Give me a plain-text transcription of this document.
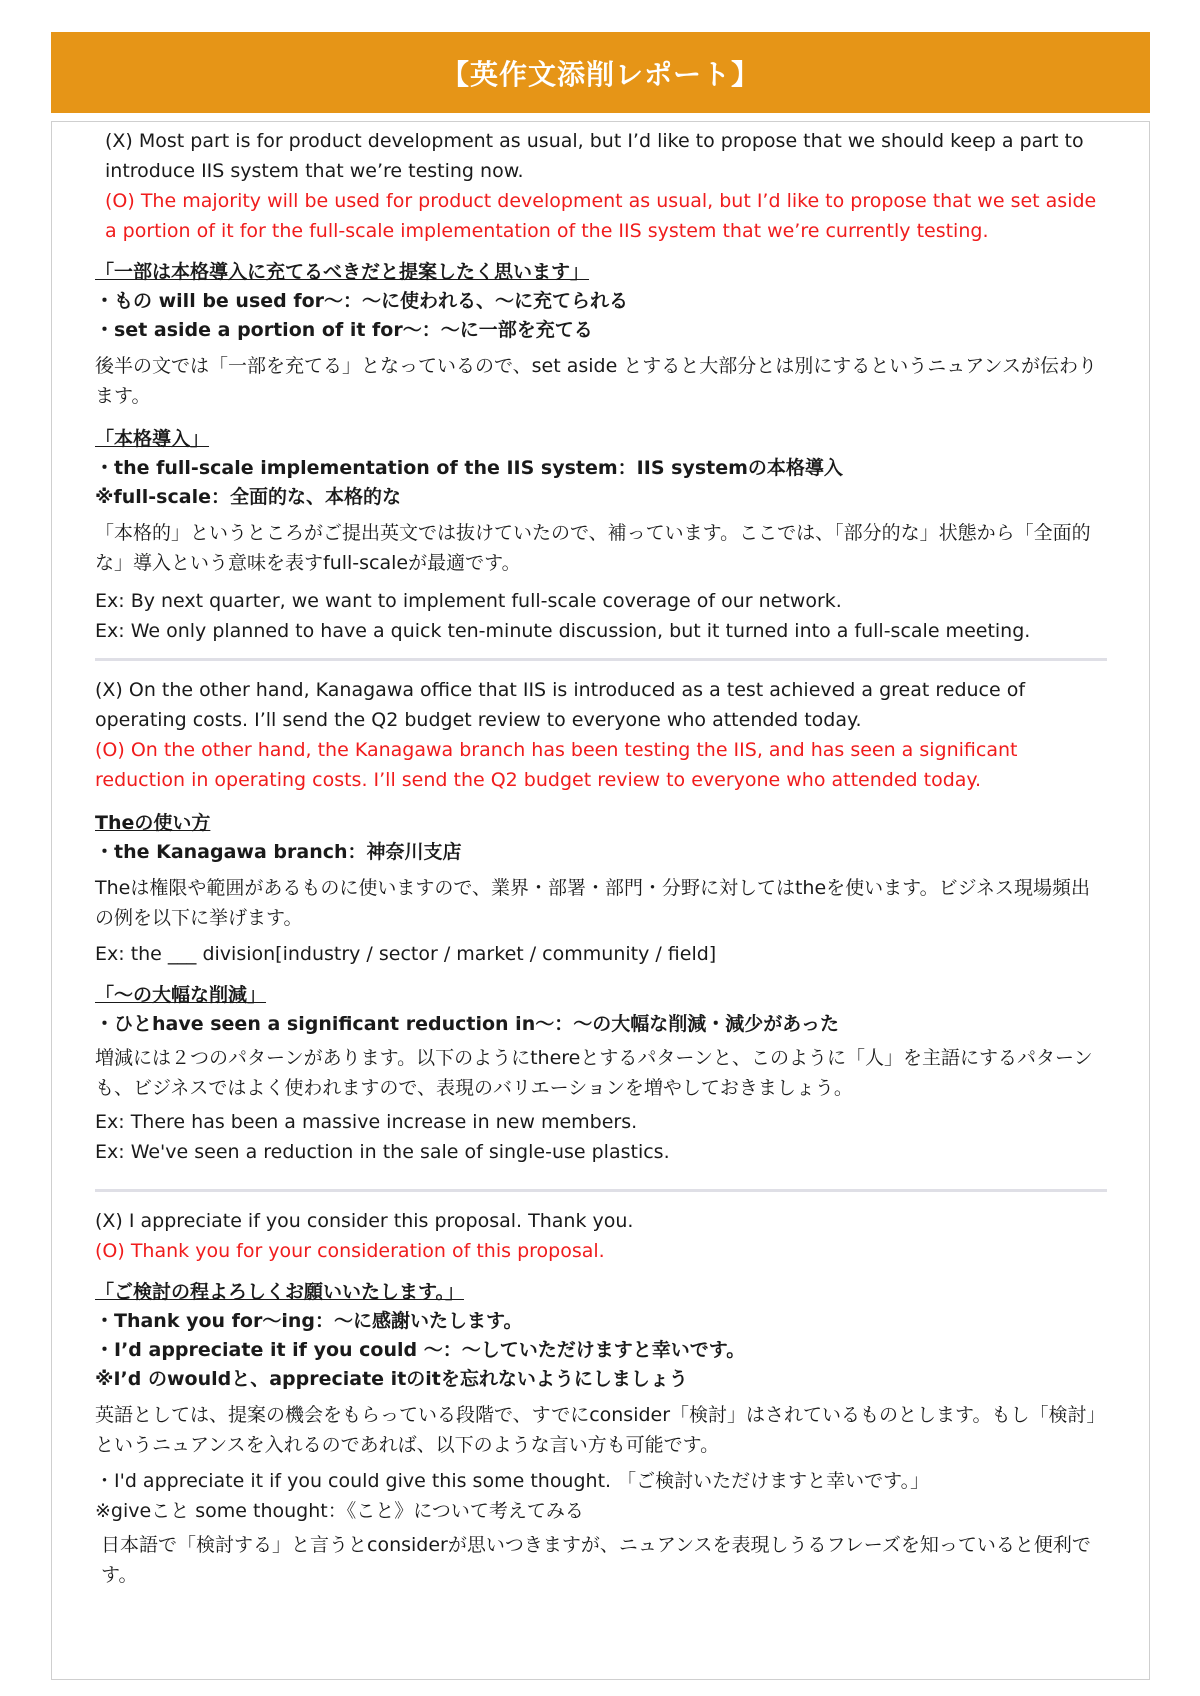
【英作文添削レポート】

(X) Most part is for product development as usual, but I’d like to propose that we should keep a part to introduce IIS system that we’re testing now.

(O) The majority will be used for product development as usual, but I’d like to propose that we set aside a portion of it for the full-scale implementation of the IIS system that we’re currently testing.

「一部は本格導入に充てるべきだと提案したく思います」

・もの will be used for～：～に使われる、～に充てられる

・set aside a portion of it for～：～に一部を充てる

後半の文では「一部を充てる」となっているので、set aside とすると大部分とは別にするというニュアンスが伝わります。

「本格導入」

・the full-scale implementation of the IIS system：IIS systemの本格導入

※full-scale：全面的な、本格的な

「本格的」というところがご提出英文では抜けていたので、補っています。ここでは、「部分的な」状態から「全面的な」導入という意味を表すfull-scaleが最適です。

Ex: By next quarter, we want to implement full-scale coverage of our network.

Ex: We only planned to have a quick ten-minute discussion, but it turned into a full-scale meeting.

(X) On the other hand, Kanagawa office that IIS is introduced as a test achieved a great reduce of operating costs. I’ll send the Q2 budget review to everyone who attended today.

(O) On the other hand, the Kanagawa branch has been testing the IIS, and has seen a significant reduction in operating costs. I’ll send the Q2 budget review to everyone who attended today.

Theの使い方

・the Kanagawa branch：神奈川支店

Theは権限や範囲があるものに使いますので、業界・部署・部門・分野に対してはtheを使います。ビジネス現場頻出の例を以下に挙げます。

Ex: the ___ division[industry / sector / market / community / field]

「～の大幅な削減」

・ひとhave seen a significant reduction in～：～の大幅な削減・減少があった

増減には２つのパターンがあります。以下のようにthereとするパターンと、このように「人」を主語にするパターンも、ビジネスではよく使われますので、表現のバリエーションを増やしておきましょう。

Ex: There has been a massive increase in new members.

Ex: We've seen a reduction in the sale of single-use plastics.

(X) I appreciate if you consider this proposal. Thank you.

(O) Thank you for your consideration of this proposal.

「ご検討の程よろしくお願いいたします。」

・Thank you for～ing：～に感謝いたします。

・I’d appreciate it if you could ～：～していただけますと幸いです。

※I’d のwouldと、appreciate itのitを忘れないようにしましょう

英語としては、提案の機会をもらっている段階で、すでにconsider「検討」はされているものとします。もし「検討」というニュアンスを入れるのであれば、以下のような言い方も可能です。

・I'd appreciate it if you could give this some thought. 「ご検討いただけますと幸いです。」

※giveこと some thought：《こと》について考えてみる

日本語で「検討する」と言うとconsiderが思いつきますが、ニュアンスを表現しうるフレーズを知っていると便利です。
